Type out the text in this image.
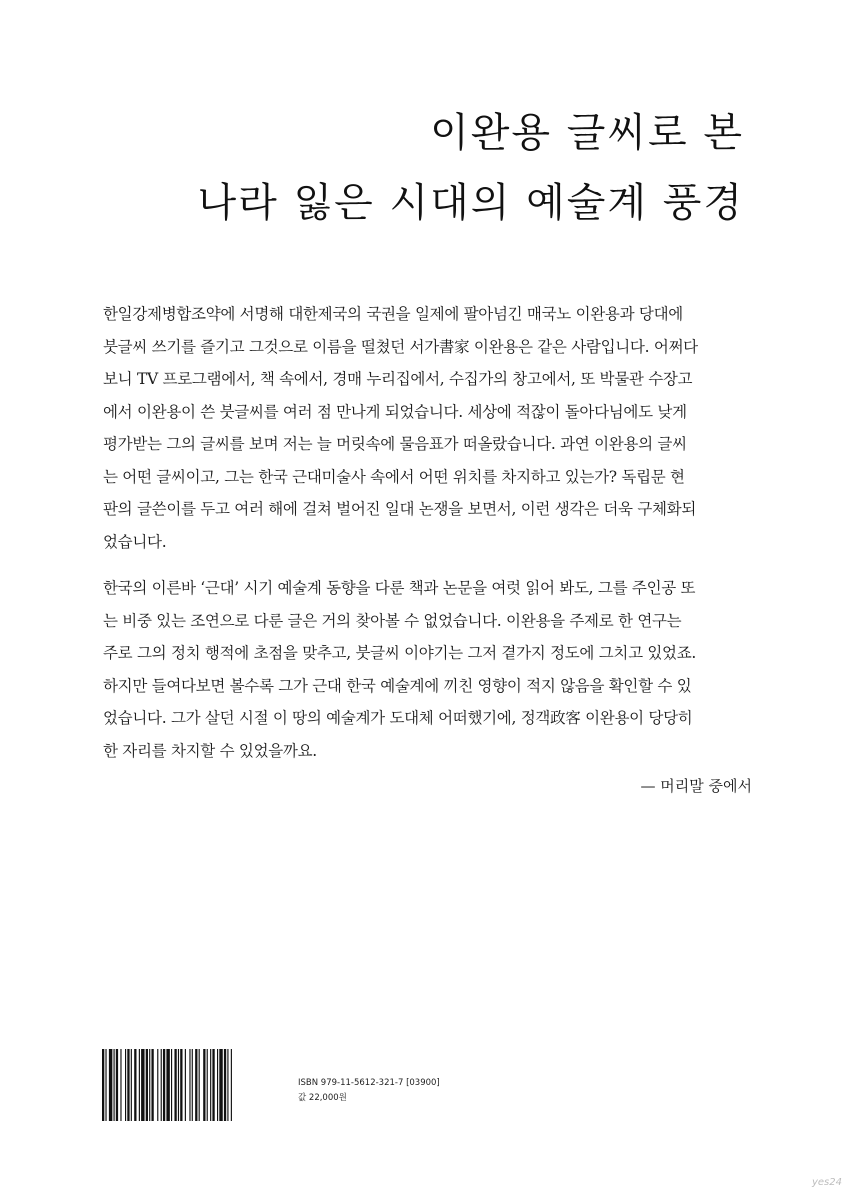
이완용 글씨로 본
나라 잃은 시대의 예술계 풍경

한일강제병합조약에 서명해 대한제국의 국권을 일제에 팔아넘긴 매국노 이완용과 당대에
붓글씨 쓰기를 즐기고 그것으로 이름을 떨쳤던 서가書家 이완용은 같은 사람입니다. 어쩌다
보니 TV 프로그램에서, 책 속에서, 경매 누리집에서, 수집가의 창고에서, 또 박물관 수장고
에서 이완용이 쓴 붓글씨를 여러 점 만나게 되었습니다. 세상에 적잖이 돌아다님에도 낮게
평가받는 그의 글씨를 보며 저는 늘 머릿속에 물음표가 떠올랐습니다. 과연 이완용의 글씨
는 어떤 글씨이고, 그는 한국 근대미술사 속에서 어떤 위치를 차지하고 있는가? 독립문 현
판의 글쓴이를 두고 여러 해에 걸쳐 벌어진 일대 논쟁을 보면서, 이런 생각은 더욱 구체화되
었습니다.

한국의 이른바 ‘근대’ 시기 예술계 동향을 다룬 책과 논문을 여럿 읽어 봐도, 그를 주인공 또
는 비중 있는 조연으로 다룬 글은 거의 찾아볼 수 없었습니다. 이완용을 주제로 한 연구는
주로 그의 정치 행적에 초점을 맞추고, 붓글씨 이야기는 그저 곁가지 정도에 그치고 있었죠.
하지만 들여다보면 볼수록 그가 근대 한국 예술계에 끼친 영향이 적지 않음을 확인할 수 있
었습니다. 그가 살던 시절 이 땅의 예술계가 도대체 어떠했기에, 정객政客 이완용이 당당히
한 자리를 차지할 수 있었을까요.

— 머리말 중에서
ISBN 979-11-5612-321-7 [03900]
값 22,000원
yes24
